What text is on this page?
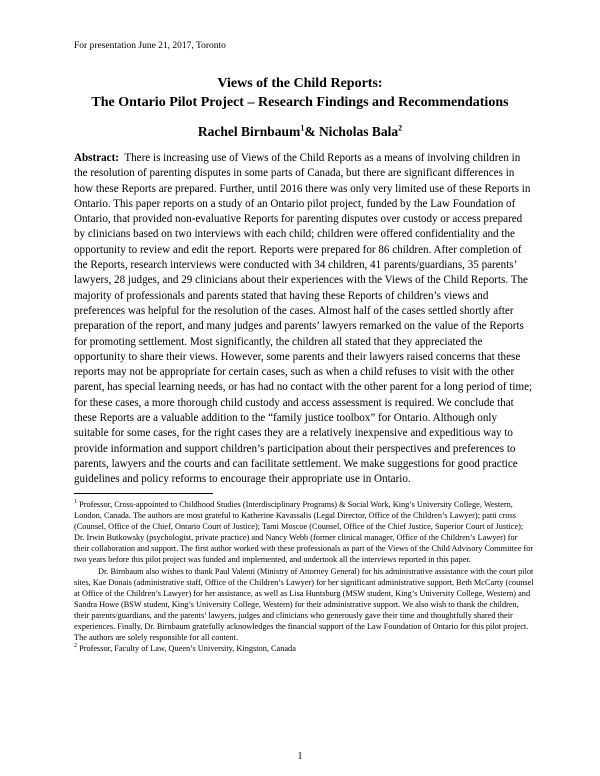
For presentation June 21, 2017, Toronto
Views of the Child Reports:
The Ontario Pilot Project – Research Findings and Recommendations
Rachel Birnbaum$^1$& Nicholas Bala$^2$

Abstract: There is increasing use of Views of the Child Reports as a means of involving children in the resolution of parenting disputes in some parts of Canada, but there are significant differences in how these Reports are prepared. Further, until 2016 there was only very limited use of these Reports in Ontario. This paper reports on a study of an Ontario pilot project, funded by the Law Foundation of Ontario, that provided non-evaluative Reports for parenting disputes over custody or access prepared by clinicians based on two interviews with each child; children were offered confidentiality and the opportunity to review and edit the report. Reports were prepared for 86 children. After completion of the Reports, research interviews were conducted with 34 children, 41 parents/guardians, 35 parents’ lawyers, 28 judges, and 29 clinicians about their experiences with the Views of the Child Reports. The majority of professionals and parents stated that having these Reports of children’s views and preferences was helpful for the resolution of the cases. Almost half of the cases settled shortly after preparation of the report, and many judges and parents’ lawyers remarked on the value of the Reports for promoting settlement. Most significantly, the children all stated that they appreciated the opportunity to share their views. However, some parents and their lawyers raised concerns that these reports may not be appropriate for certain cases, such as when a child refuses to visit with the other parent, has special learning needs, or has had no contact with the other parent for a long period of time; for these cases, a more thorough child custody and access assessment is required. We conclude that these Reports are a valuable addition to the “family justice toolbox” for Ontario. Although only suitable for some cases, for the right cases they are a relatively inexpensive and expeditious way to provide information and support children’s participation about their perspectives and preferences to parents, lawyers and the courts and can facilitate settlement. We make suggestions for good practice guidelines and policy reforms to encourage their appropriate use in Ontario.

$^1$ Professor, Cross-appointed to Childhood Studies (Interdisciplinary Programs) & Social Work, King’s University College, Western, London, Canada. The authors are most grateful to Katherine Kavassalis (Legal Director, Office of the Children’s Lawyer); patti cross (Counsel, Office of the Chief, Ontario Court of Justice); Tami Moscoe (Counsel, Office of the Chief Justice, Superior Court of Justice); Dr. Irwin Butkowsky (psychologist, private practice) and Nancy Webb (former clinical manager, Office of the Children’s Lawyer) for their collaboration and support. The first author worked with these professionals as part of the Views of the Child Advisory Committee for two years before this pilot project was funded and implemented, and undertook all the interviews reported in this paper.

Dr. Birnbaum also wishes to thank Paul Valenti (Ministry of Attorney General) for his administrative assistance with the court pilot sites, Kae Donais (administrative staff, Office of the Children’s Lawyer) for her significant administrative support, Beth McCarty (counsel at Office of the Children’s Lawyer) for her assistance, as well as Lisa Huntsburg (MSW student, King’s University College, Western) and Sandra Howe (BSW student, King’s University College, Western) for their administrative support. We also wish to thank the children, their parents/guardians, and the parents’ lawyers, judges and clinicians who generously gave their time and thoughtfully shared their experiences. Finally, Dr. Birnbaum gratefully acknowledges the financial support of the Law Foundation of Ontario for this pilot project. The authors are solely responsible for all content.

$^2$ Professor, Faculty of Law, Queen’s University, Kingston, Canada

1
